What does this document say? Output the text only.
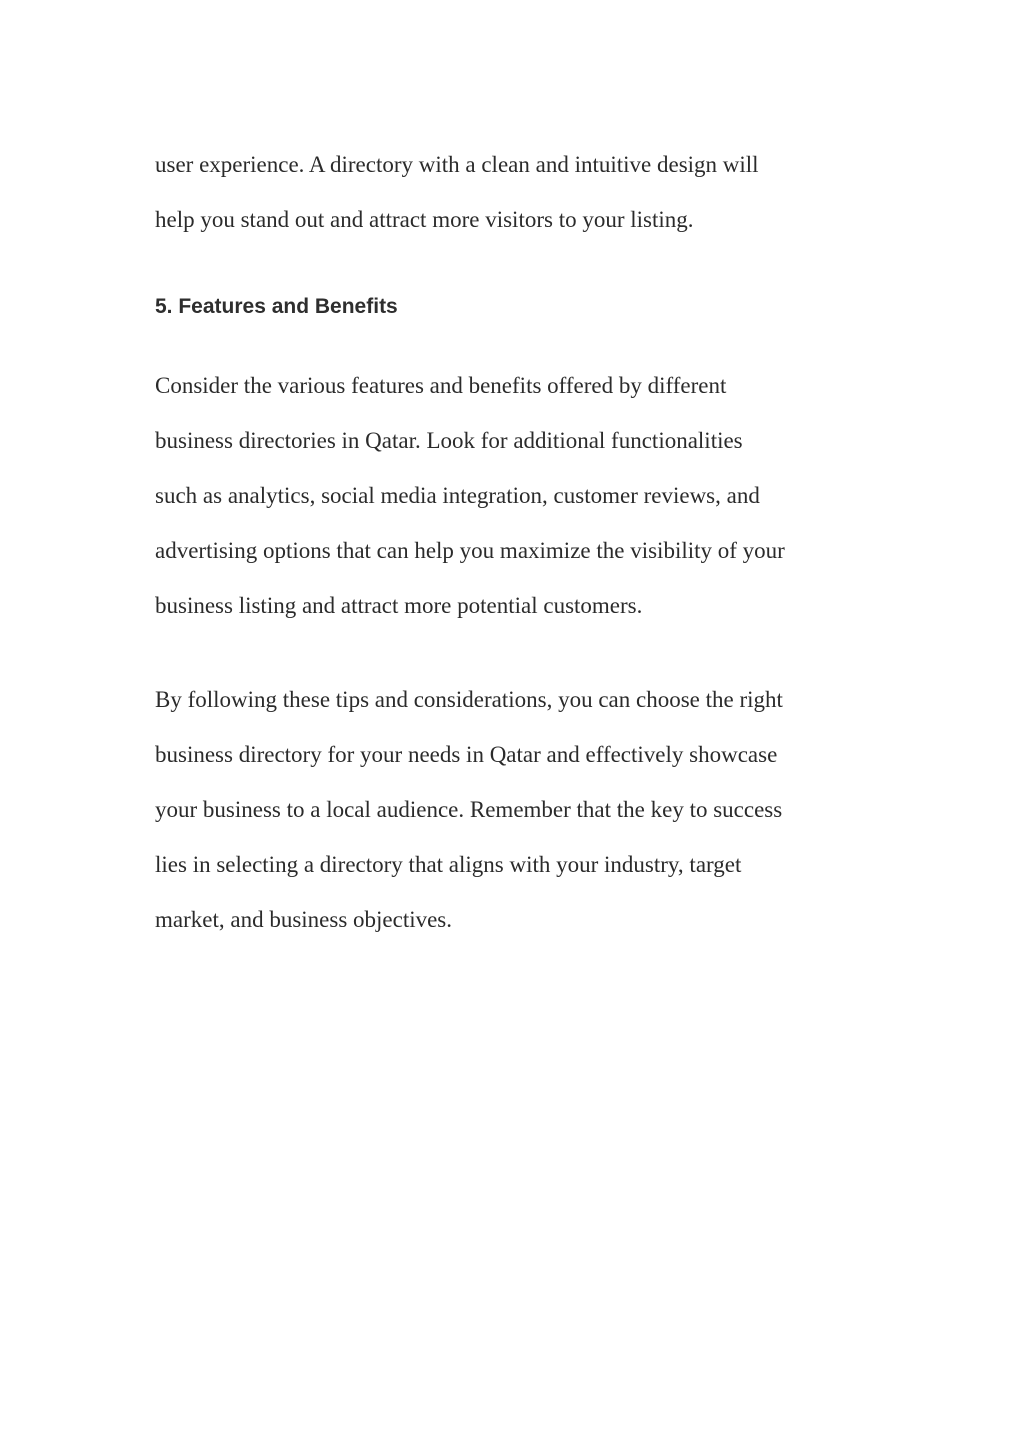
user experience. A directory with a clean and intuitive design will
help you stand out and attract more visitors to your listing.
5. Features and Benefits
Consider the various features and benefits offered by different
business directories in Qatar. Look for additional functionalities
such as analytics, social media integration, customer reviews, and
advertising options that can help you maximize the visibility of your
business listing and attract more potential customers.
By following these tips and considerations, you can choose the right
business directory for your needs in Qatar and effectively showcase
your business to a local audience. Remember that the key to success
lies in selecting a directory that aligns with your industry, target
market, and business objectives.
